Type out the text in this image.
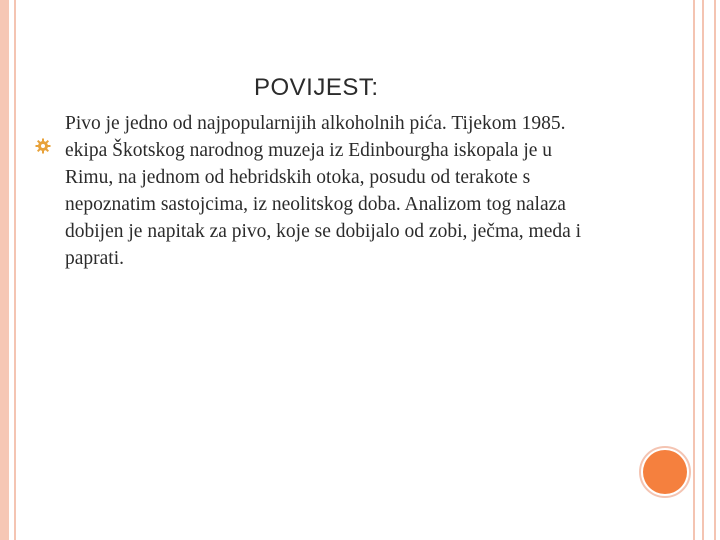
POVIJEST:
Pivo je jedno od najpopularnijih alkoholnih pića. Tijekom 1985. ekipa Škotskog narodnog muzeja iz Edinbourgha iskopala je u Rimu, na jednom od hebridskih otoka, posudu od terakote s nepoznatim sastojcima, iz neolitskog doba. Analizom tog nalaza dobijen je napitak za pivo, koje se dobijalo od zobi, ječma, meda i paprati.
